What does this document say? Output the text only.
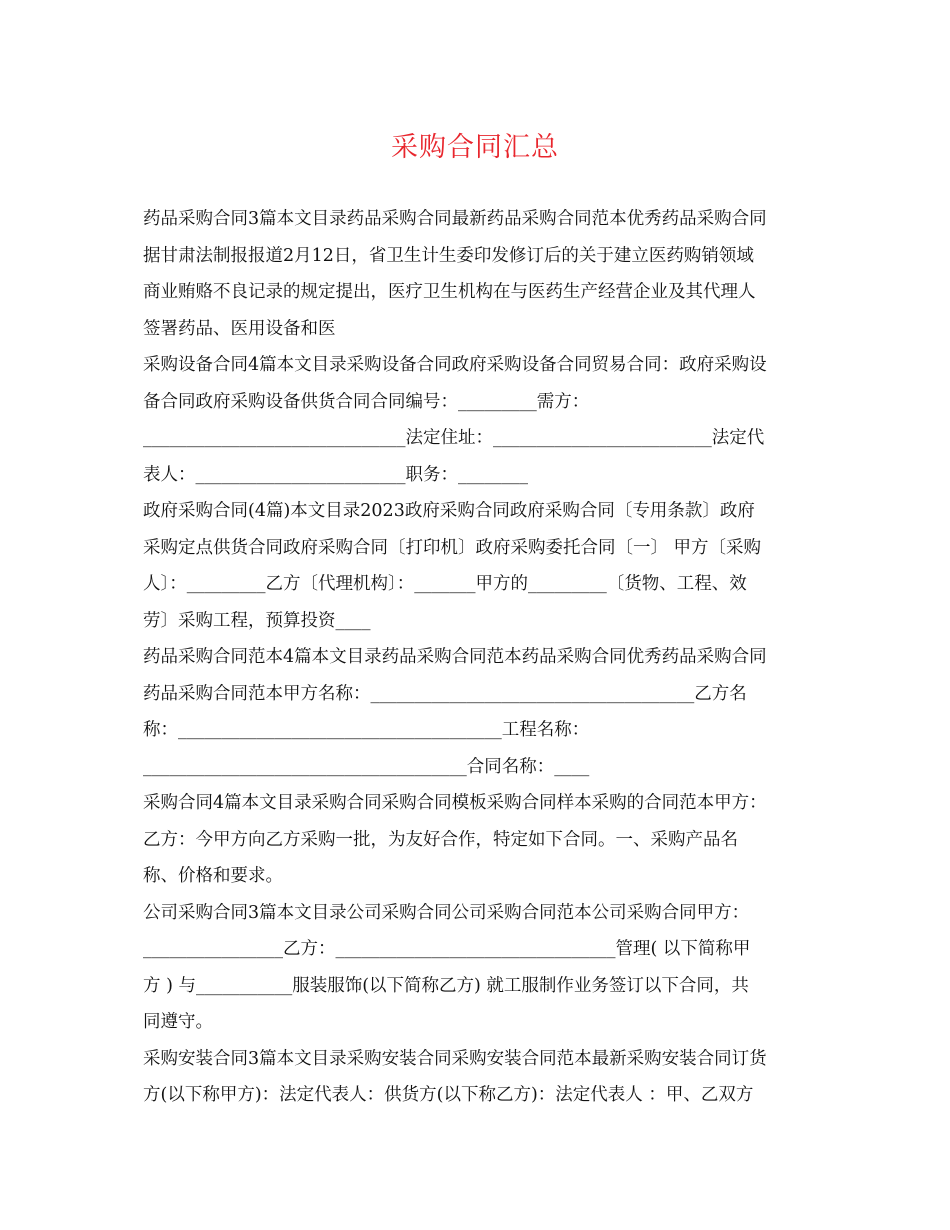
采购合同汇总
药品采购合同3篇本文目录药品采购合同最新药品采购合同范本优秀药品采购合同
据甘肃法制报报道2月12日，省卫生计生委印发修订后的关于建立医药购销领域
商业贿赂不良记录的规定提出，医疗卫生机构在与医药生产经营企业及其代理人
签署药品、医用设备和医
采购设备合同4篇本文目录采购设备合同政府采购设备合同贸易合同：政府采购设
备合同政府采购设备供货合同合同编号：_________需方：
______________________________法定住址：_________________________法定代
表人：________________________职务：________
政府采购合同(4篇)本文目录2023政府采购合同政府采购合同〔专用条款〕政府
采购定点供货合同政府采购合同〔打印机〕政府采购委托合同〔一〕 甲方〔采购
人〕：_________乙方〔代理机构〕：_______甲方的_________〔货物、工程、效
劳〕采购工程，预算投资____
药品采购合同范本4篇本文目录药品采购合同范本药品采购合同优秀药品采购合同
药品采购合同范本甲方名称：_____________________________________乙方名
称：_____________________________________工程名称：
_____________________________________合同名称：____
采购合同4篇本文目录采购合同采购合同模板采购合同样本采购的合同范本甲方：
乙方：今甲方向乙方采购一批，为友好合作，特定如下合同。一、采购产品名
称、价格和要求。
公司采购合同3篇本文目录公司采购合同公司采购合同范本公司采购合同甲方：
________________乙方：________________________________管理( 以下简称甲
方 ) 与___________服装服饰(以下简称乙方) 就工服制作业务签订以下合同，共
同遵守。
采购安装合同3篇本文目录采购安装合同采购安装合同范本最新采购安装合同订货
方(以下称甲方)：法定代表人：供货方(以下称乙方)：法定代表人 ：甲、乙双方
